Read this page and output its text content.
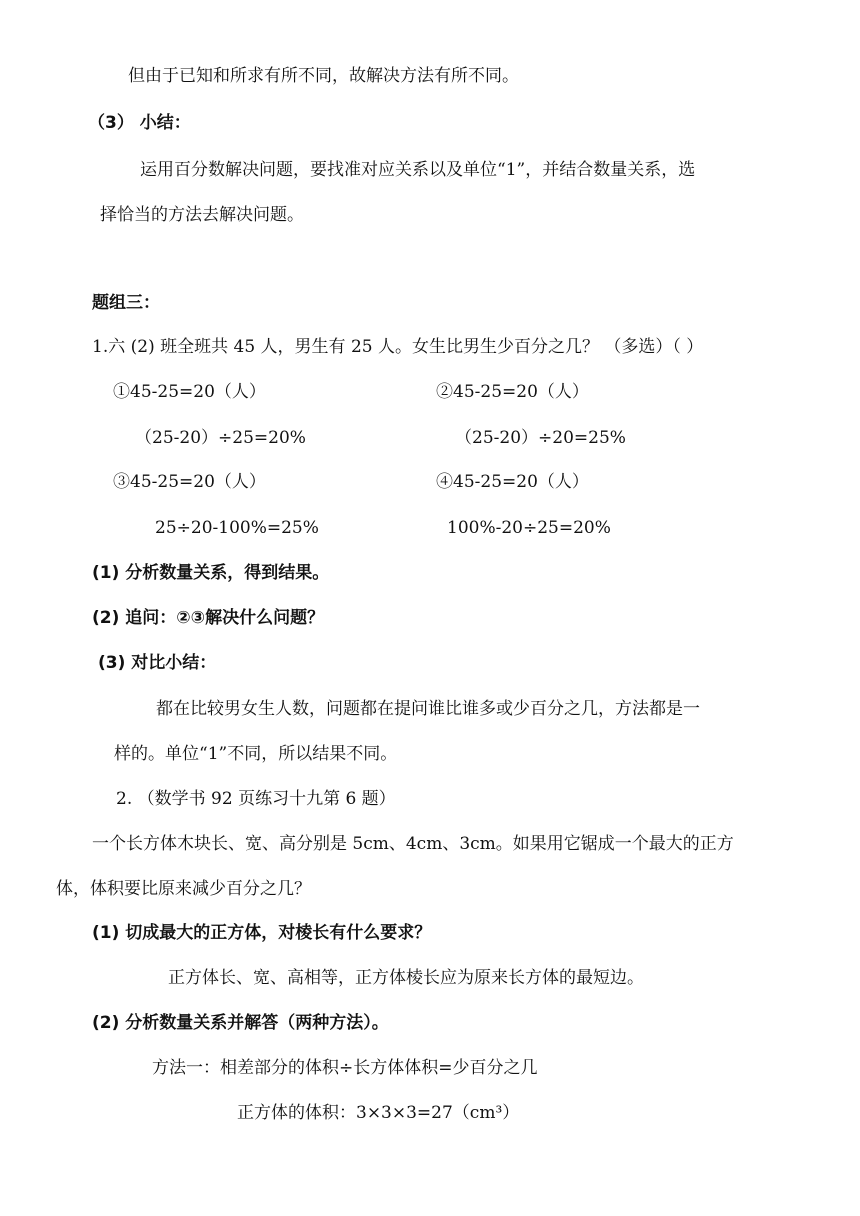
但由于已知和所求有所不同，故解决方法有所不同。
（3） 小结：
运用百分数解决问题，要找准对应关系以及单位“1”，并结合数量关系，选
择恰当的方法去解决问题。
题组三：
1.六 (2) 班全班共 45 人，男生有 25 人。女生比男生少百分之几？ （多选）（ ）
①45-25=20（人）
（25-20）÷25=20%
②45-25=20（人）
（25-20）÷20=25%
③45-25=20（人）
25÷20-100%=25%
④45-25=20（人）
100%-20÷25=20%
(1) 分析数量关系，得到结果。
(2) 追问：②③解决什么问题？
(3) 对比小结：
都在比较男女生人数，问题都在提问谁比谁多或少百分之几，方法都是一
样的。单位“1”不同，所以结果不同。
2. （数学书 92 页练习十九第 6 题）
一个长方体木块长、宽、高分别是 5cm、4cm、3cm。如果用它锯成一个最大的正方
体，体积要比原来减少百分之几？
(1) 切成最大的正方体，对棱长有什么要求？
正方体长、宽、高相等，正方体棱长应为原来长方体的最短边。
(2) 分析数量关系并解答（两种方法）。
方法一：相差部分的体积÷长方体体积=少百分之几
正方体的体积：3×3×3=27（cm³）
